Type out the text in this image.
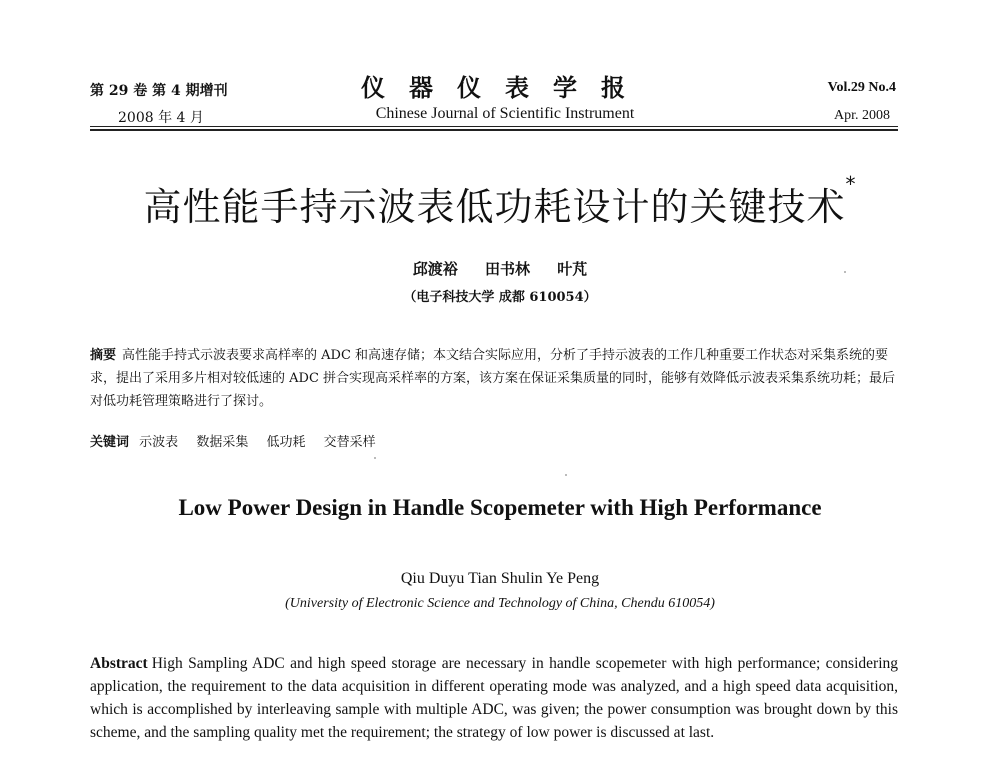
第 29 卷 第 4 期增刊
2008 年 4 月
仪器仪表学报
Chinese Journal of Scientific Instrument
Vol.29 No.4
Apr. 2008
高性能手持示波表低功耗设计的关键技术*
邱渡裕 田书林 叶芃
（电子科技大学 成都 610054）
摘要 高性能手持式示波表要求高样率的 ADC 和高速存储；本文结合实际应用，分析了手持示波表的工作几种重要工作状态对采集系统的要求，提出了采用多片相对较低速的 ADC 拼合实现高采样率的方案，该方案在保证采集质量的同时，能够有效降低示波表采集系统功耗；最后对低功耗管理策略进行了探讨。
关键词 示波表 数据采集 低功耗 交替采样
Low Power Design in Handle Scopemeter with High Performance
Qiu Duyu Tian Shulin Ye Peng
(University of Electronic Science and Technology of China, Chendu 610054)
Abstract High Sampling ADC and high speed storage are necessary in handle scopemeter with high performance; considering application, the requirement to the data acquisition in different operating mode was analyzed, and a high speed data acquisition, which is accomplished by interleaving sample with multiple ADC, was given; the power consumption was brought down by this scheme, and the sampling quality met the requirement; the strategy of low power is discussed at last.
